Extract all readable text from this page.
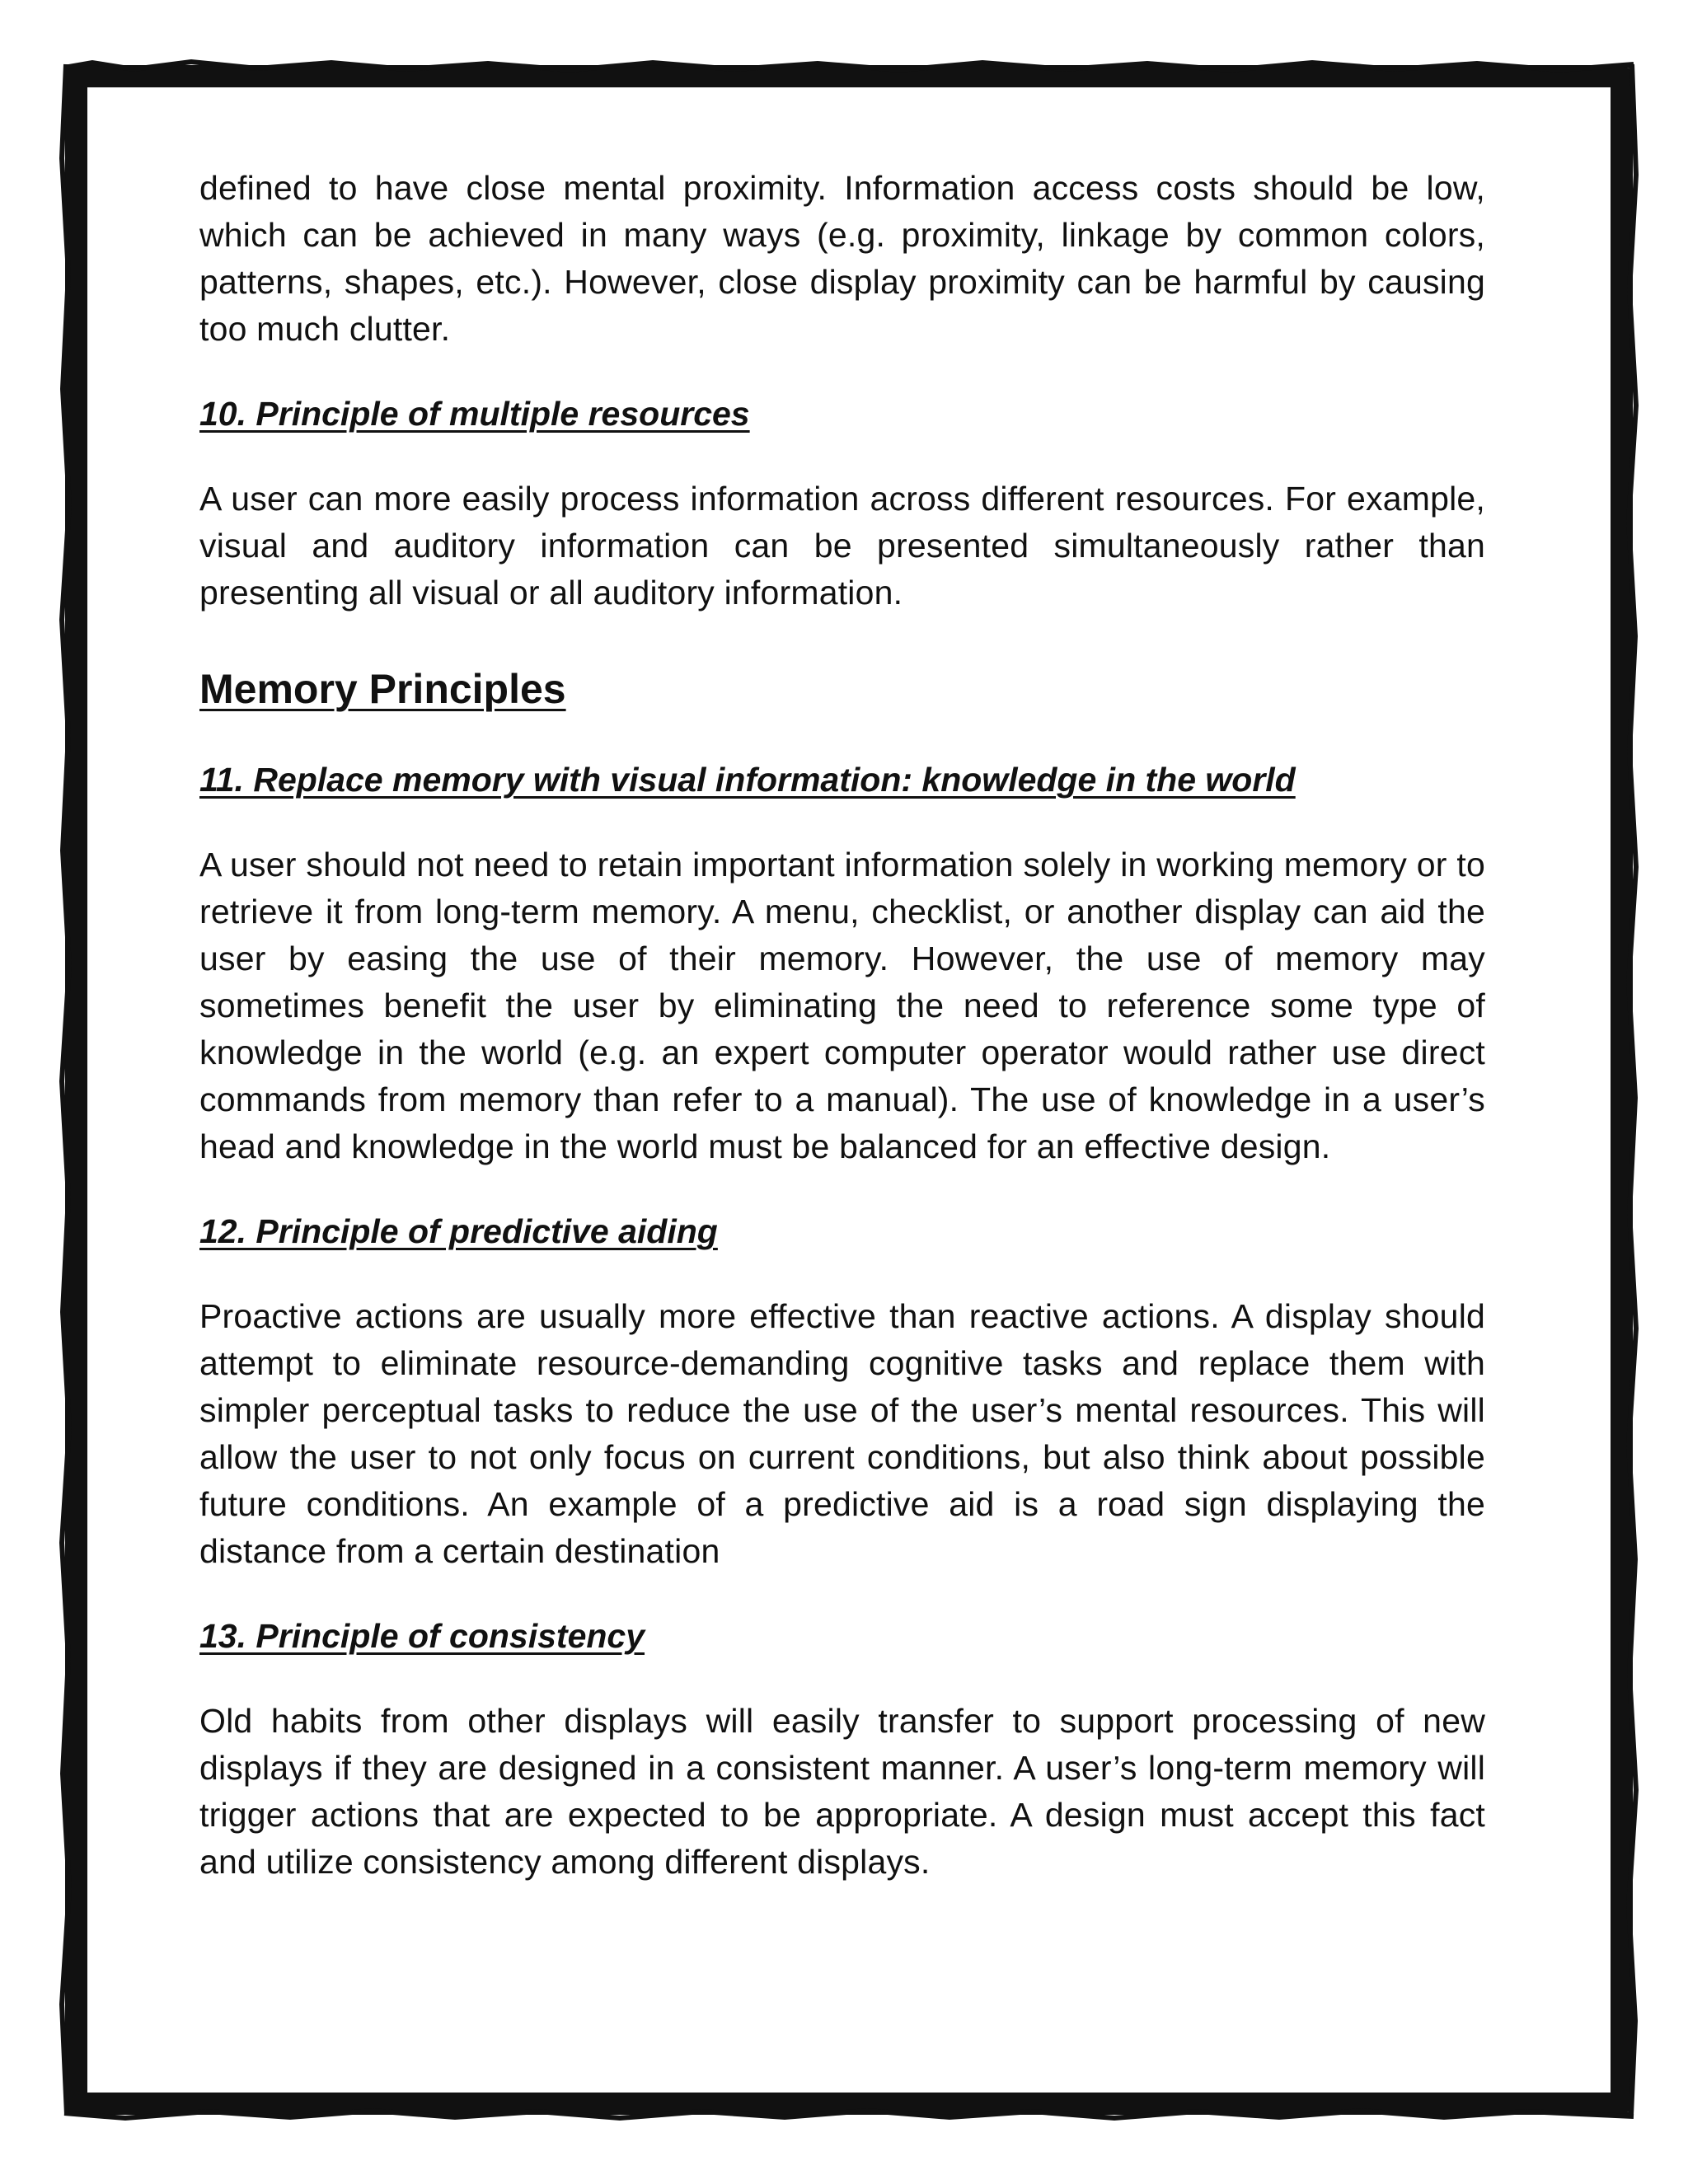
defined to have close mental proximity. Information access costs should be low, which can be achieved in many ways (e.g. proximity, linkage by common colors, patterns, shapes, etc.). However, close display proximity can be harmful by causing too much clutter.

10. Principle of multiple resources

A user can more easily process information across different resources. For example, visual and auditory information can be presented simultaneously rather than presenting all visual or all auditory information.

Memory Principles
11. Replace memory with visual information: knowledge in the world

A user should not need to retain important information solely in working memory or to retrieve it from long-term memory. A menu, checklist, or another display can aid the user by easing the use of their memory. However, the use of memory may sometimes benefit the user by eliminating the need to reference some type of knowledge in the world (e.g. an expert computer operator would rather use direct commands from memory than refer to a manual). The use of knowledge in a user’s head and knowledge in the world must be balanced for an effective design.

12. Principle of predictive aiding

Proactive actions are usually more effective than reactive actions. A display should attempt to eliminate resource-demanding cognitive tasks and replace them with simpler perceptual tasks to reduce the use of the user’s mental resources. This will allow the user to not only focus on current conditions, but also think about possible future conditions. An example of a predictive aid is a road sign displaying the distance from a certain destination

13. Principle of consistency

Old habits from other displays will easily transfer to support processing of new displays if they are designed in a consistent manner. A user’s long-term memory will trigger actions that are expected to be appropriate. A design must accept this fact and utilize consistency among different displays.
